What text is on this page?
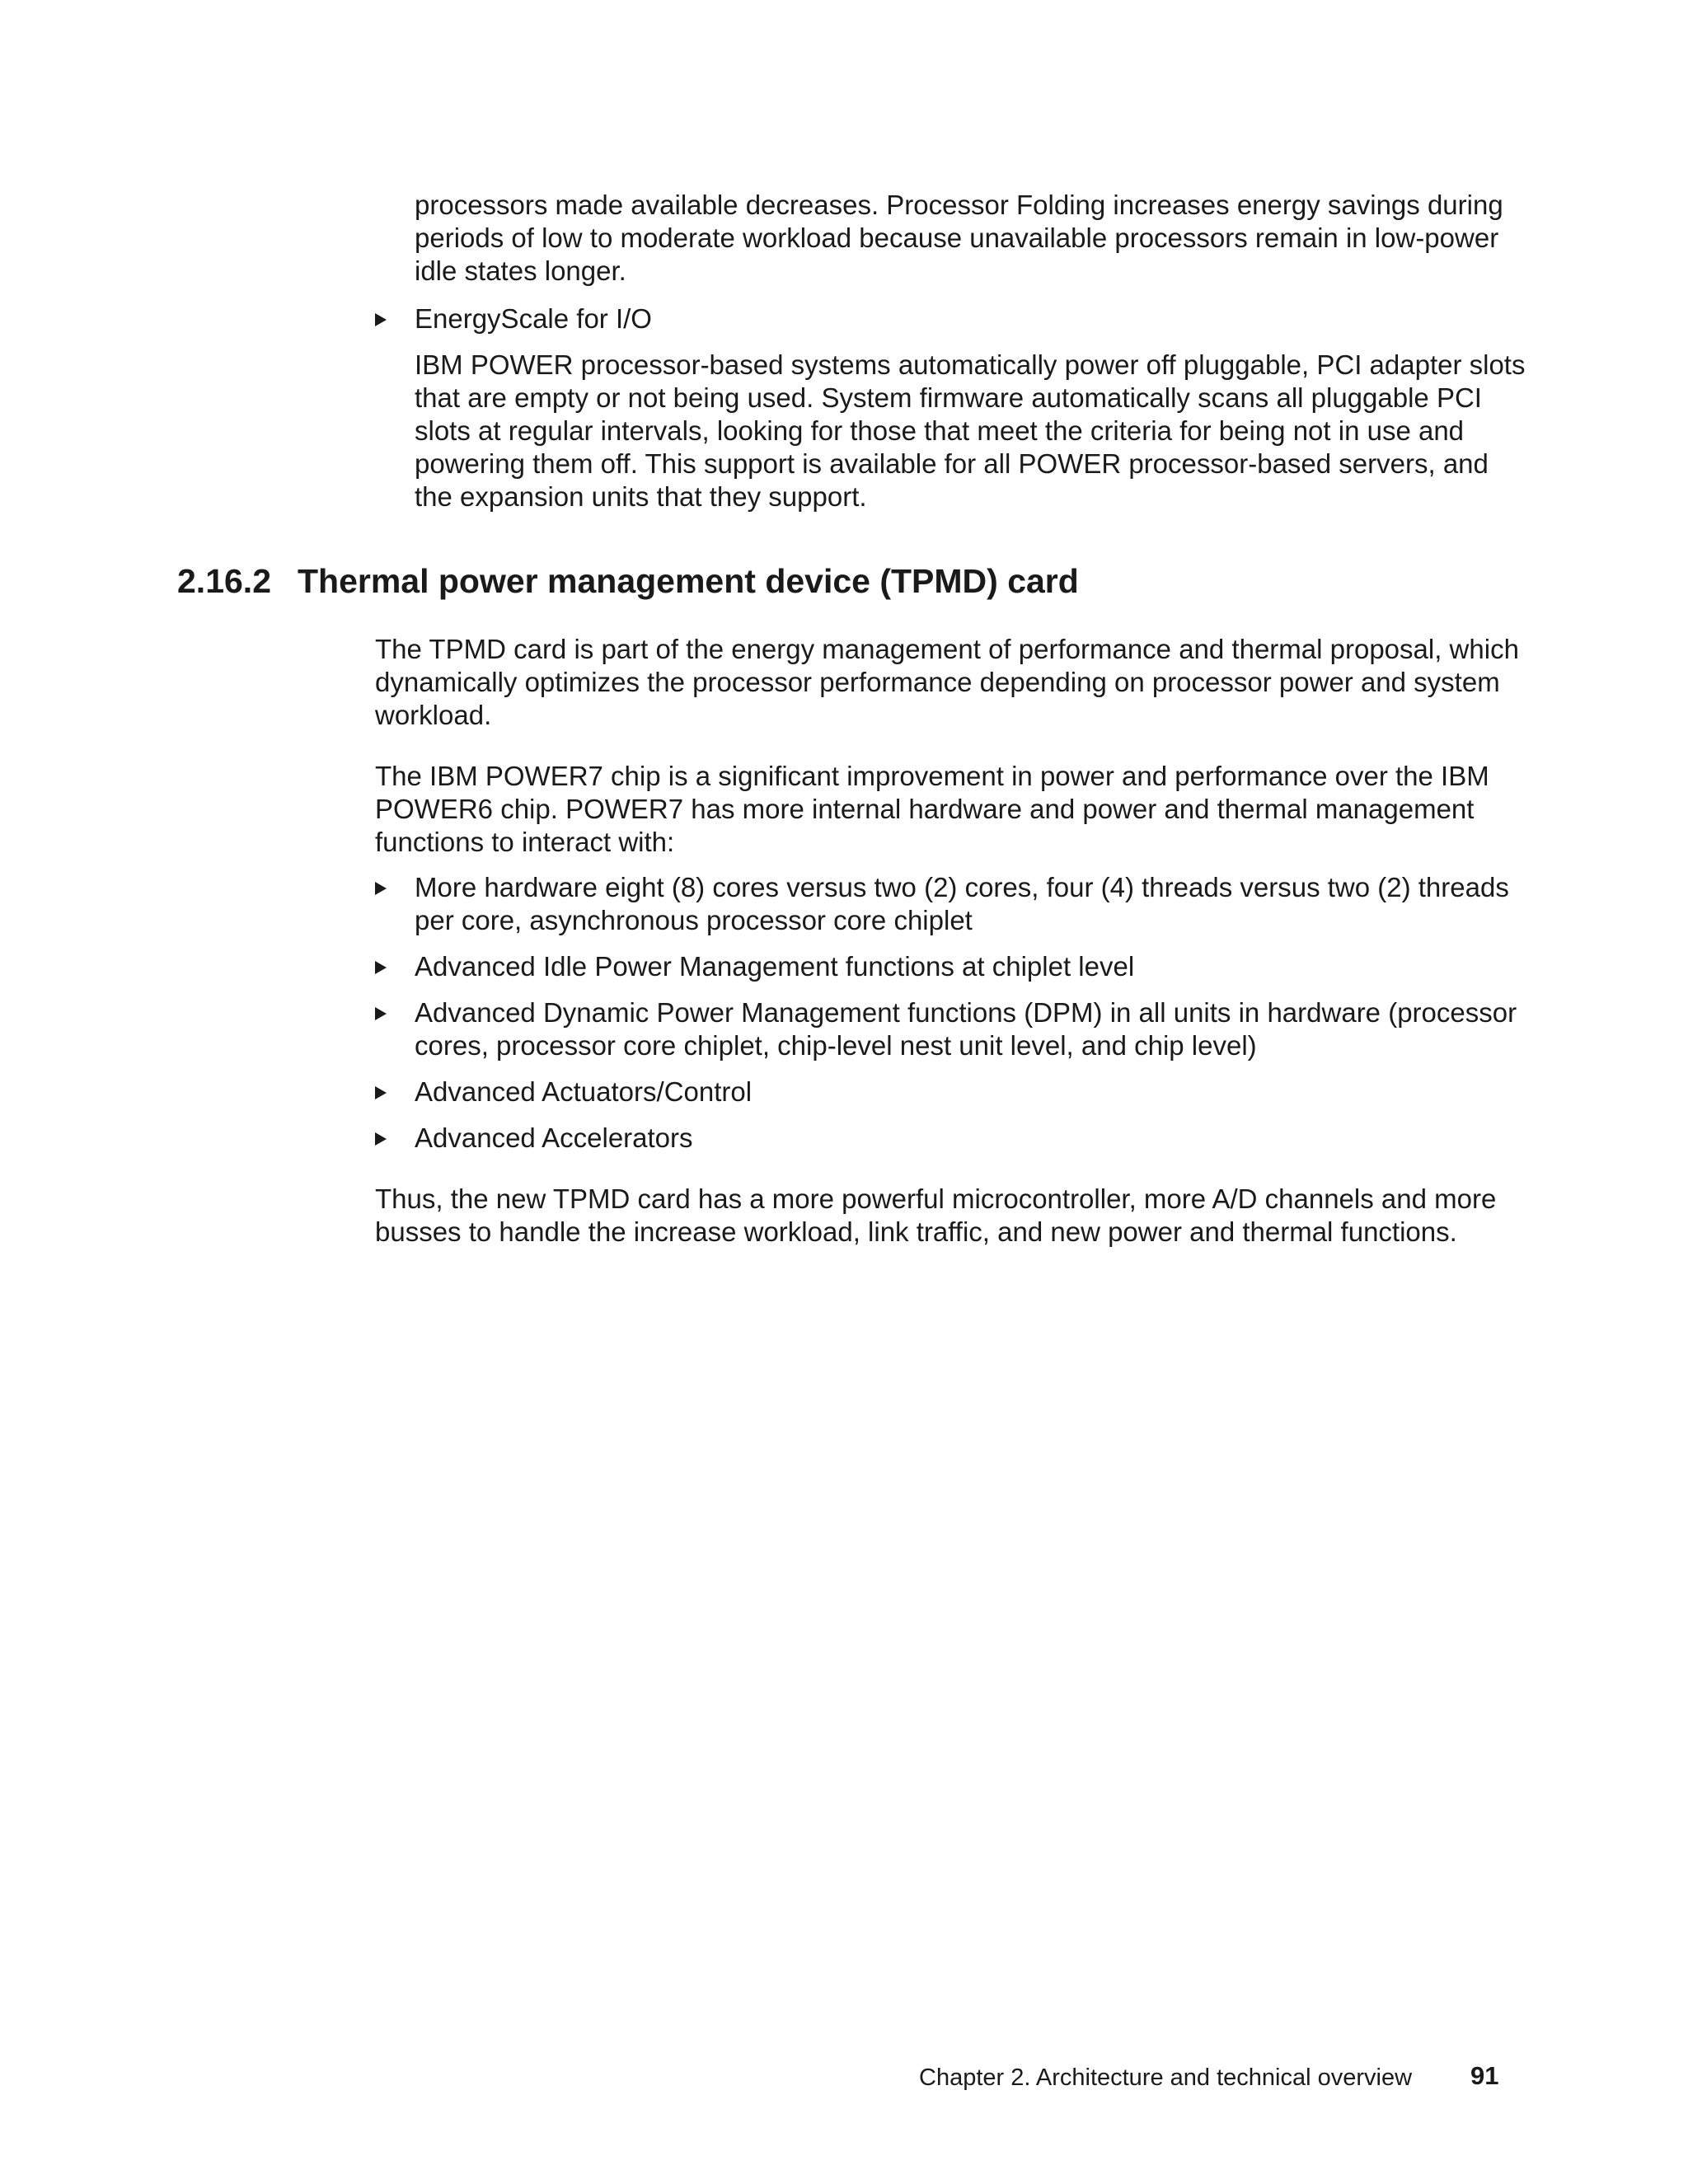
processors made available decreases. Processor Folding increases energy savings during periods of low to moderate workload because unavailable processors remain in low-power idle states longer.

EnergyScale for I/O

IBM POWER processor-based systems automatically power off pluggable, PCI adapter slots that are empty or not being used. System firmware automatically scans all pluggable PCI slots at regular intervals, looking for those that meet the criteria for being not in use and powering them off. This support is available for all POWER processor-based servers, and the expansion units that they support.

2.16.2 Thermal power management device (TPMD) card

The TPMD card is part of the energy management of performance and thermal proposal, which dynamically optimizes the processor performance depending on processor power and system workload.

The IBM POWER7 chip is a significant improvement in power and performance over the IBM POWER6 chip. POWER7 has more internal hardware and power and thermal management functions to interact with:

More hardware eight (8) cores versus two (2) cores, four (4) threads versus two (2) threads per core, asynchronous processor core chiplet

Advanced Idle Power Management functions at chiplet level

Advanced Dynamic Power Management functions (DPM) in all units in hardware (processor cores, processor core chiplet, chip-level nest unit level, and chip level)

Advanced Actuators/Control

Advanced Accelerators

Thus, the new TPMD card has a more powerful microcontroller, more A/D channels and more busses to handle the increase workload, link traffic, and new power and thermal functions.

Chapter 2. Architecture and technical overview	91
